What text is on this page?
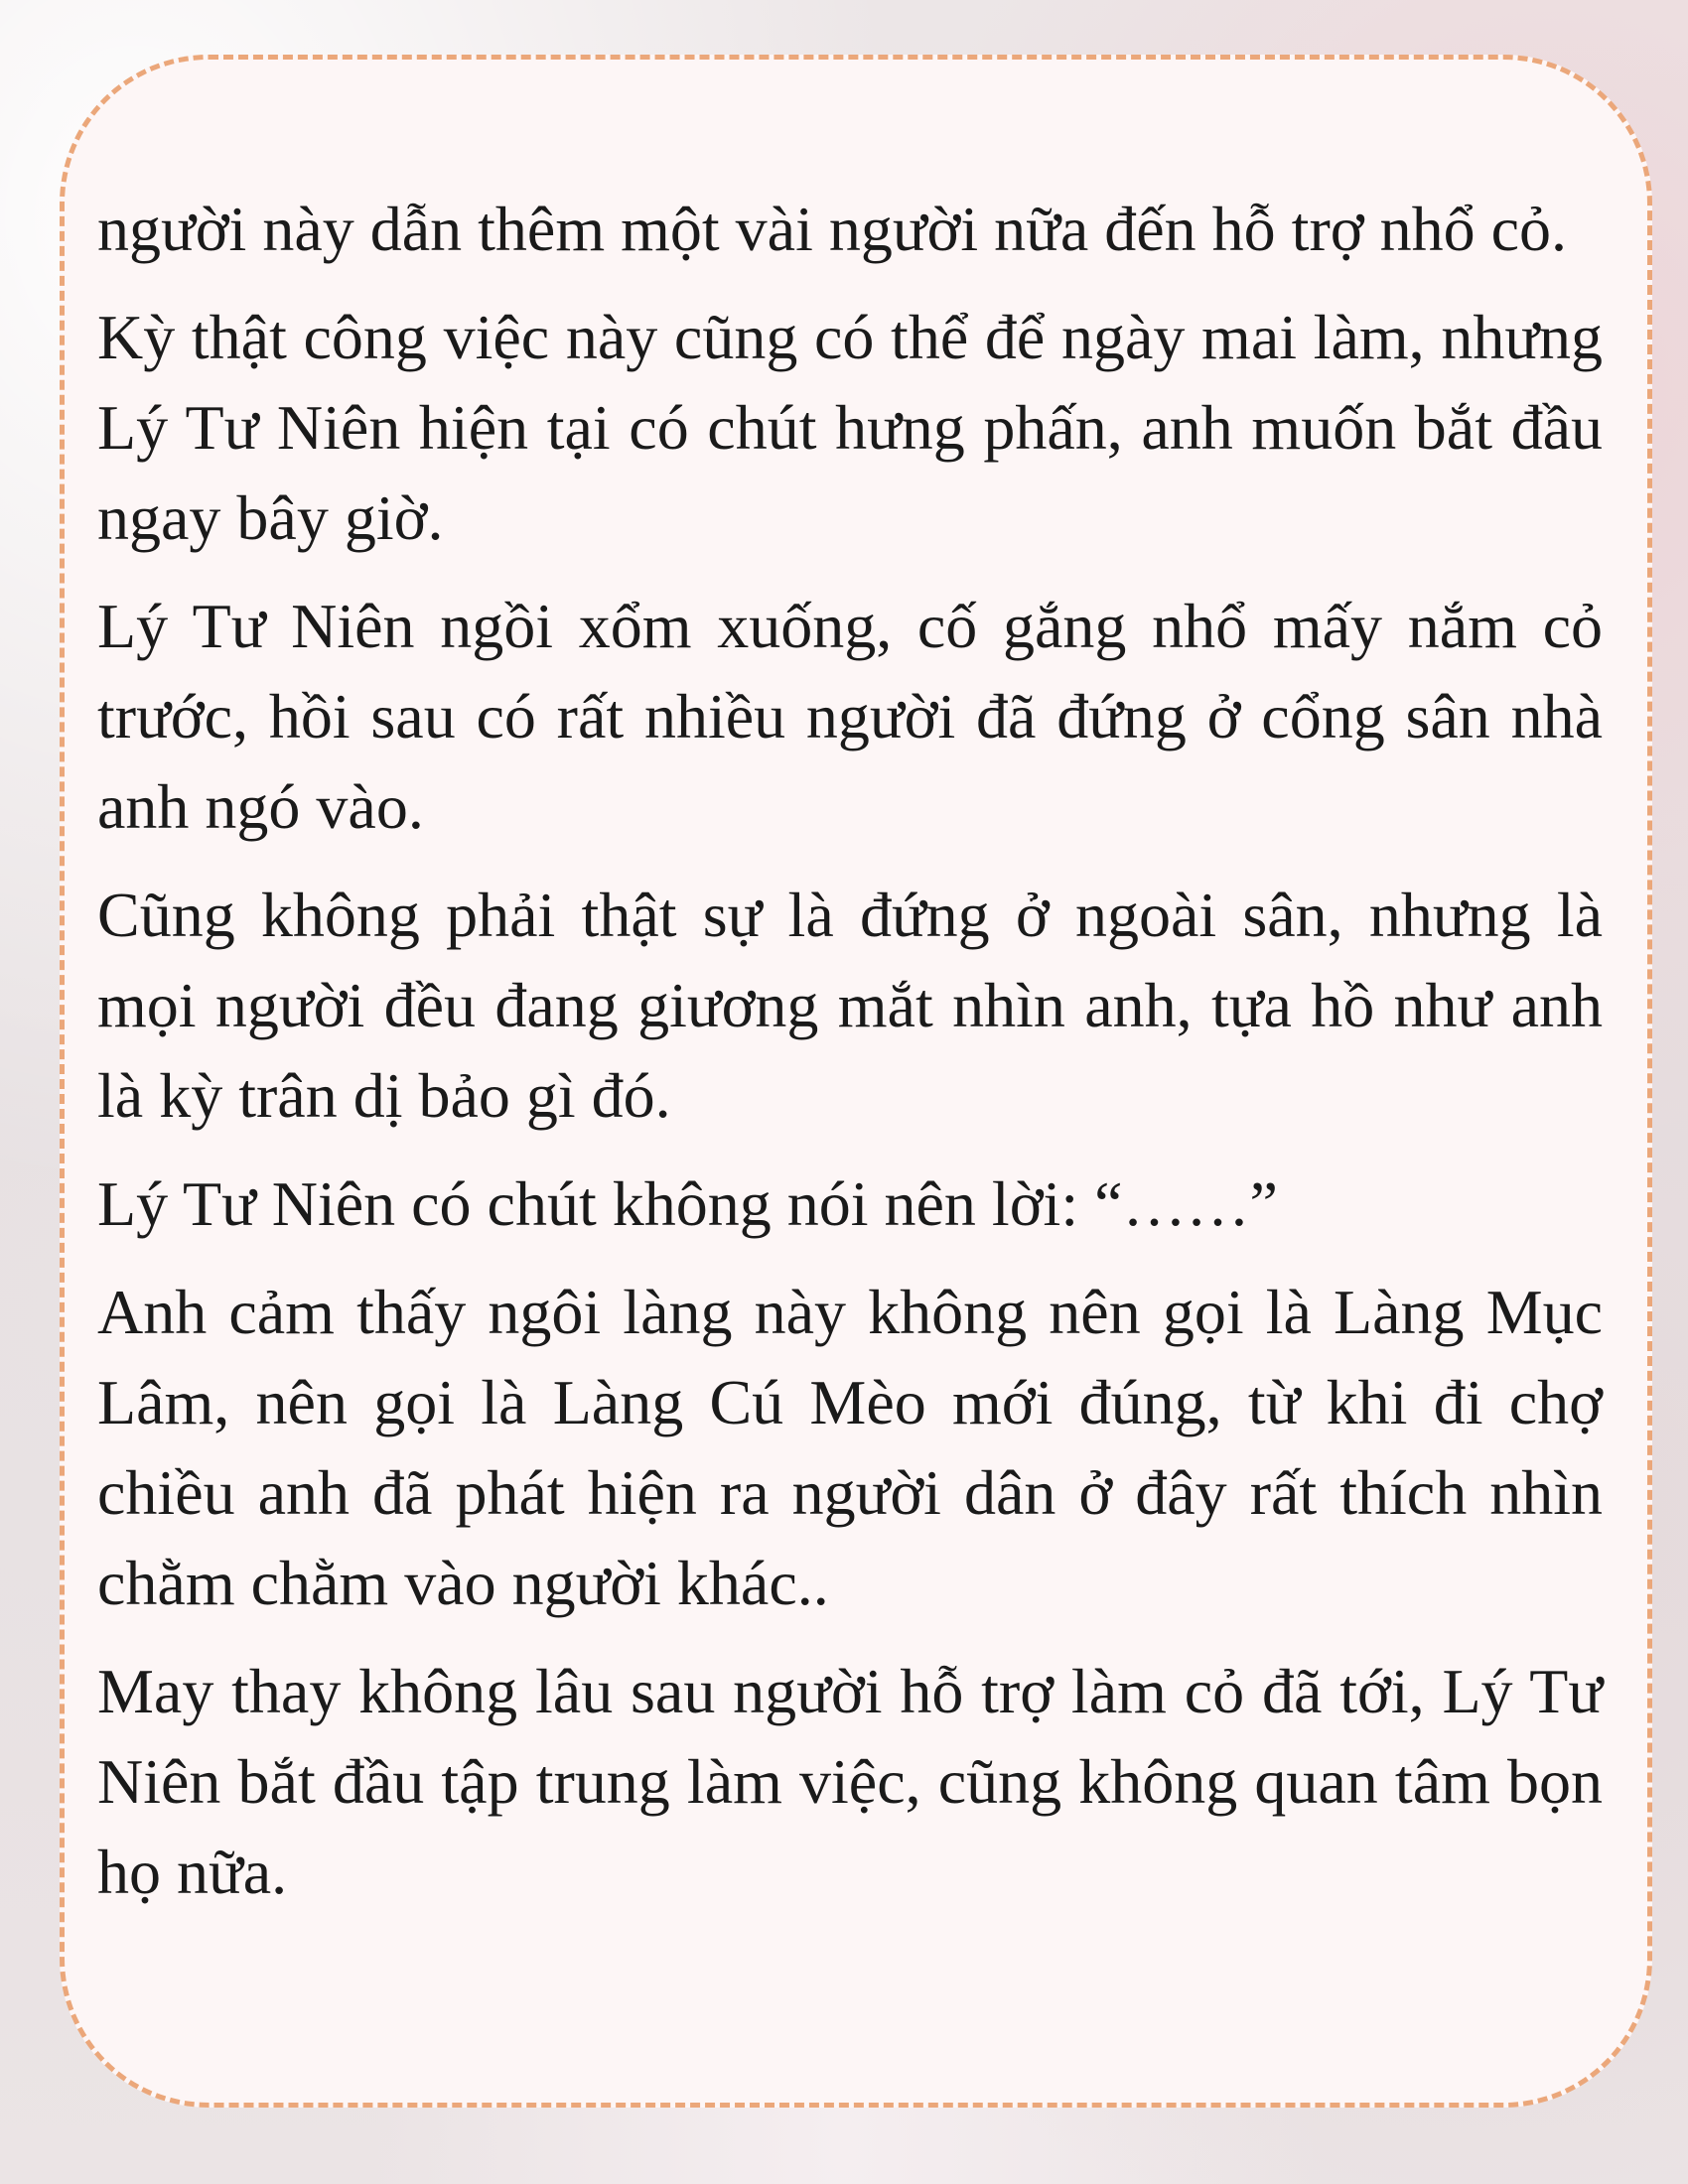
người này dẫn thêm một vài người nữa đến hỗ trợ nhổ cỏ.

Kỳ thật công việc này cũng có thể để ngày mai làm, nhưng Lý Tư Niên hiện tại có chút hưng phấn, anh muốn bắt đầu ngay bây giờ.

Lý Tư Niên ngồi xổm xuống, cố gắng nhổ mấy nắm cỏ trước, hồi sau có rất nhiều người đã đứng ở cổng sân nhà anh ngó vào.

Cũng không phải thật sự là đứng ở ngoài sân, nhưng là mọi người đều đang giương mắt nhìn anh, tựa hồ như anh là kỳ trân dị bảo gì đó.

Lý Tư Niên có chút không nói nên lời: “……”

Anh cảm thấy ngôi làng này không nên gọi là Làng Mục Lâm, nên gọi là Làng Cú Mèo mới đúng, từ khi đi chợ chiều anh đã phát hiện ra người dân ở đây rất thích nhìn chằm chằm vào người khác..

May thay không lâu sau người hỗ trợ làm cỏ đã tới, Lý Tư Niên bắt đầu tập trung làm việc, cũng không quan tâm bọn họ nữa.
